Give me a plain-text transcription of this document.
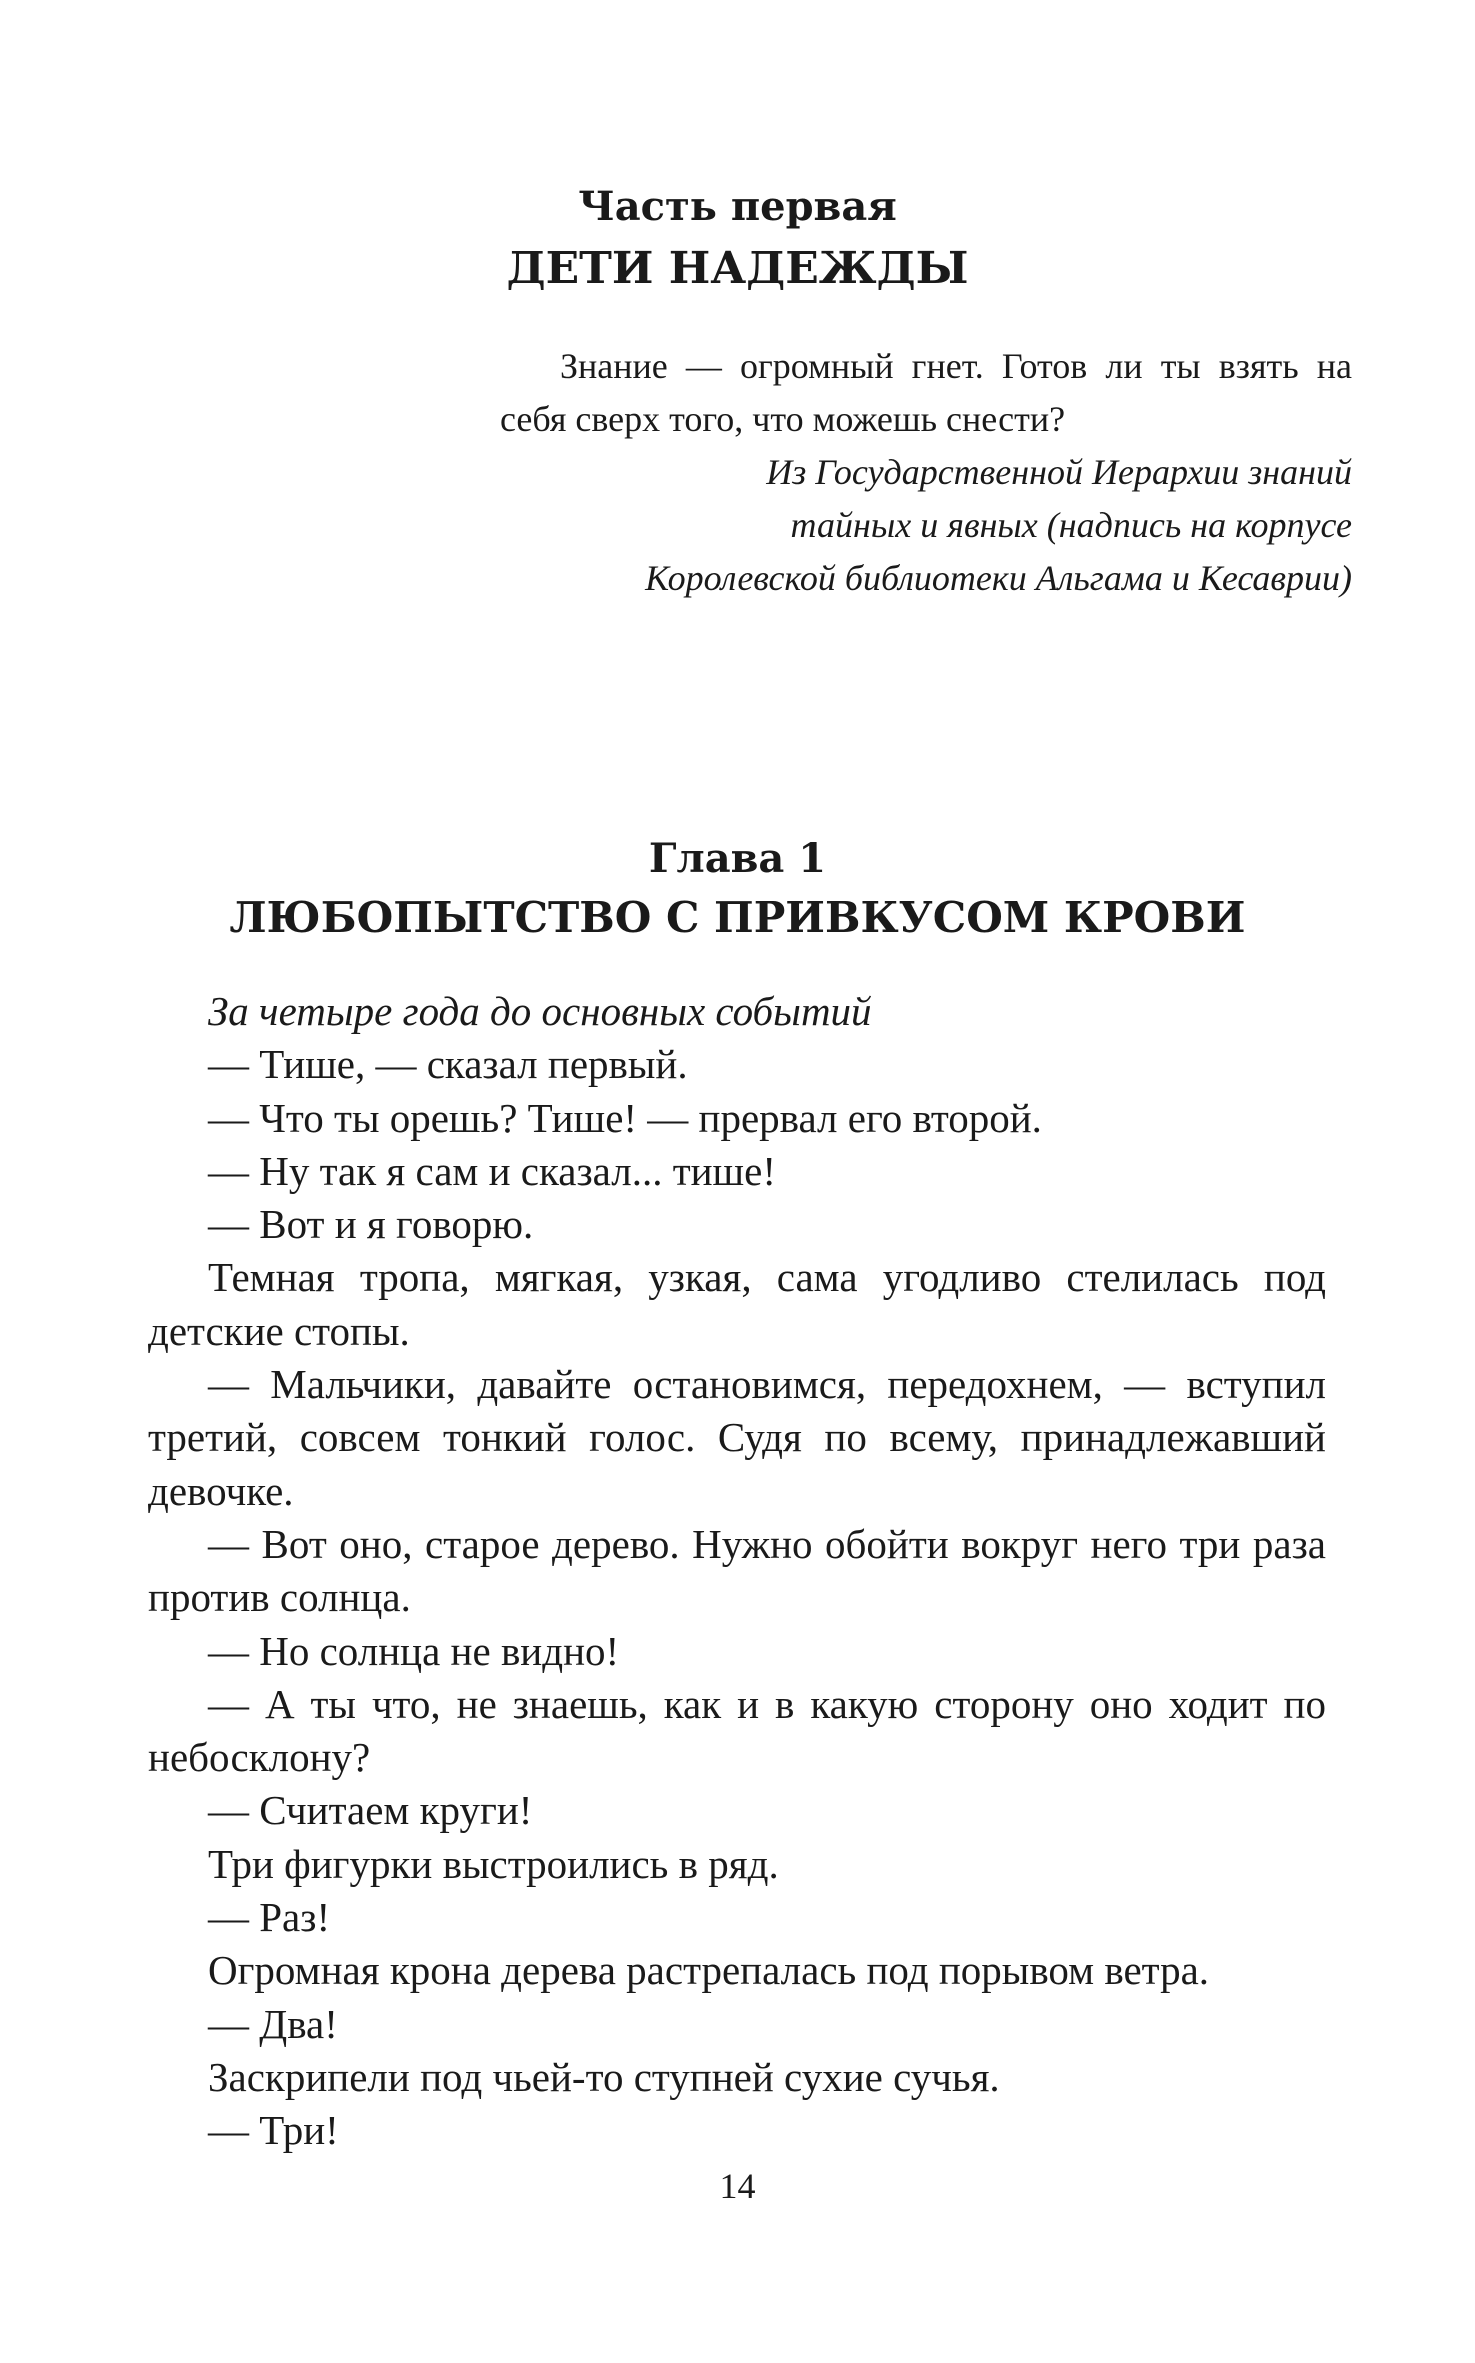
Часть первая
ДЕТИ НАДЕЖДЫ
Знание — огромный гнет. Готов ли ты взять на себя сверх того, что можешь снести?
Из Государственной Иерархии знаний
тайных и явных (надпись на корпусе
Королевской библиотеки Альгама и Кесаврии)
Глава 1
ЛЮБОПЫТСТВО С ПРИВКУСОМ КРОВИ

За четыре года до основных событий

— Тише, — сказал первый.

— Что ты орешь? Тише! — прервал его второй.

— Ну так я сам и сказал... тише!

— Вот и я говорю.

Темная тропа, мягкая, узкая, сама угодливо стелилась под детские стопы.

— Мальчики, давайте остановимся, передохнем, — вступил третий, совсем тонкий голос. Судя по всему, принадлежавший девочке.

— Вот оно, старое дерево. Нужно обойти вокруг него три раза против солнца.

— Но солнца не видно!

— А ты что, не знаешь, как и в какую сторону оно ходит по небосклону?

— Считаем круги!

Три фигурки выстроились в ряд.

— Раз!

Огромная крона дерева растрепалась под порывом ветра.

— Два!

Заскрипели под чьей-то ступней сухие сучья.

— Три!

14
